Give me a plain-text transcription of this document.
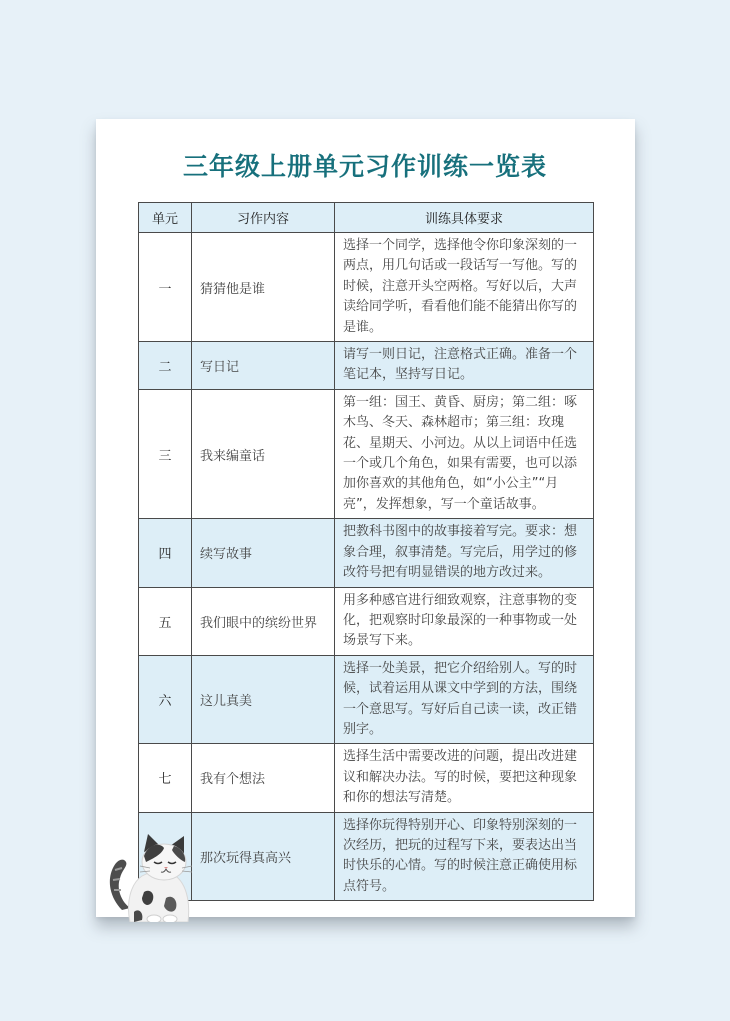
三年级上册单元习作训练一览表
单元	习作内容	训练具体要求
一	猜猜他是谁	选择一个同学，选择他令你印象深刻的一两点，用几句话或一段话写一写他。写的时候，注意开头空两格。写好以后，大声读给同学听，看看他们能不能猜出你写的是谁。
二	写日记	请写一则日记，注意格式正确。准备一个笔记本，坚持写日记。
三	我来编童话	第一组：国王、黄昏、厨房；第二组：啄木鸟、冬天、森林超市；第三组：玫瑰花、星期天、小河边。从以上词语中任选一个或几个角色，如果有需要，也可以添加你喜欢的其他角色，如“小公主”“月亮”，发挥想象，写一个童话故事。
四	续写故事	把教科书图中的故事接着写完。要求：想象合理，叙事清楚。写完后，用学过的修改符号把有明显错误的地方改过来。
五	我们眼中的缤纷世界	用多种感官进行细致观察，注意事物的变化，把观察时印象最深的一种事物或一处场景写下来。
六	这儿真美	选择一处美景，把它介绍给别人。写的时候，试着运用从课文中学到的方法，围绕一个意思写。写好后自己读一读，改正错别字。
七	我有个想法	选择生活中需要改进的问题，提出改进建议和解决办法。写的时候，要把这种现象和你的想法写清楚。
	那次玩得真高兴	选择你玩得特别开心、印象特别深刻的一次经历，把玩的过程写下来，要表达出当时快乐的心情。写的时候注意正确使用标点符号。
